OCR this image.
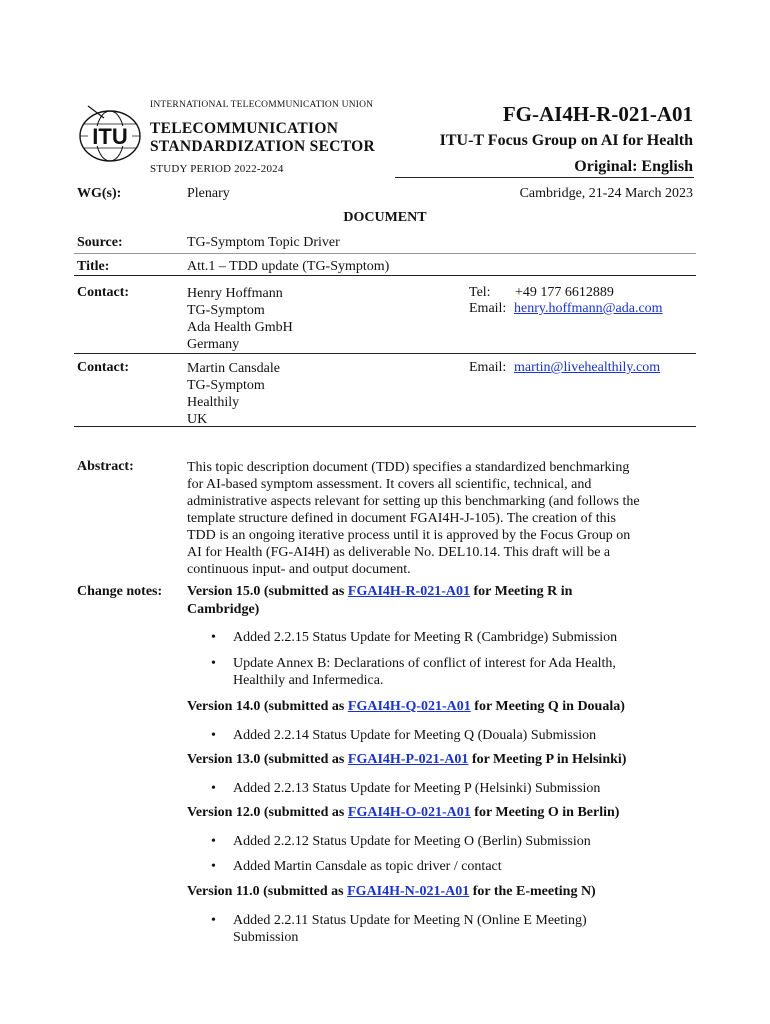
INTERNATIONAL TELECOMMUNICATION UNION
ITU TELECOMMUNICATION
STANDARDIZATION SECTOR
STUDY PERIOD 2022-2024
FG-AI4H-R-021-A01
ITU-T Focus Group on AI for Health
Original: English
WG(s):	Plenary	Cambridge, 21-24 March 2023
DOCUMENT
Source:	TG-Symptom Topic Driver
Title:	Att.1 – TDD update (TG-Symptom)
Contact:	Henry Hoffmann
TG-Symptom
Ada Health GmbH
Germany
Tel: +49 177 6612889
Email: henry.hoffmann@ada.com
Contact:	Martin Cansdale
TG-Symptom
Healthily
UK
Email: martin@livehealthily.com
Abstract:	This topic description document (TDD) specifies a standardized benchmarking
for AI-based symptom assessment. It covers all scientific, technical, and
administrative aspects relevant for setting up this benchmarking (and follows the
template structure defined in document FGAI4H-J-105). The creation of this
TDD is an ongoing iterative process until it is approved by the Focus Group on
AI for Health (FG-AI4H) as deliverable No. DEL10.14. This draft will be a
continuous input- and output document.
Change notes: Version 15.0 (submitted as FGAI4H-R-021-A01 for Meeting R in
Cambridge)
• Added 2.2.15 Status Update for Meeting R (Cambridge) Submission
• Update Annex B: Declarations of conflict of interest for Ada Health,
Healthily and Infermedica.
Version 14.0 (submitted as FGAI4H-Q-021-A01 for Meeting Q in Douala)
• Added 2.2.14 Status Update for Meeting Q (Douala) Submission
Version 13.0 (submitted as FGAI4H-P-021-A01 for Meeting P in Helsinki)
• Added 2.2.13 Status Update for Meeting P (Helsinki) Submission
Version 12.0 (submitted as FGAI4H-O-021-A01 for Meeting O in Berlin)
• Added 2.2.12 Status Update for Meeting O (Berlin) Submission
• Added Martin Cansdale as topic driver / contact
Version 11.0 (submitted as FGAI4H-N-021-A01 for the E-meeting N)
• Added 2.2.11 Status Update for Meeting N (Online E Meeting)
Submission
